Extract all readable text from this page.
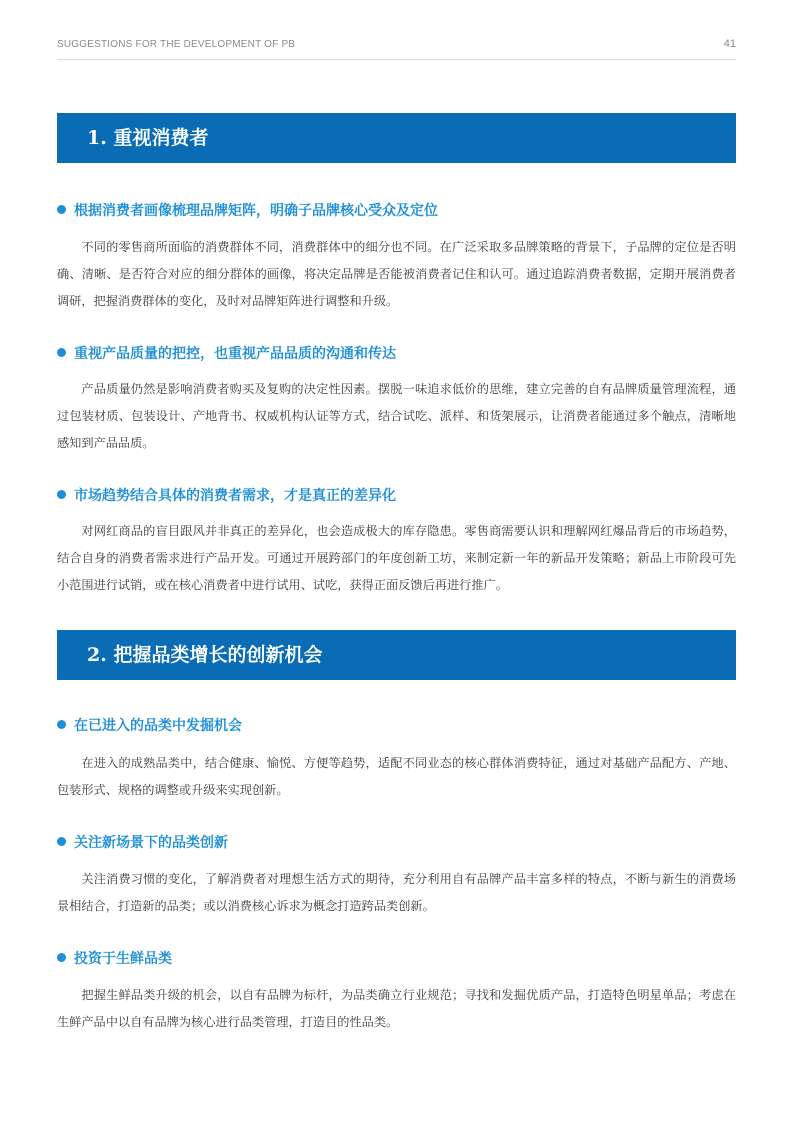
SUGGESTIONS FOR THE DEVELOPMENT OF PB	41
1. 重视消费者
根据消费者画像梳理品牌矩阵，明确子品牌核心受众及定位

不同的零售商所面临的消费群体不同，消费群体中的细分也不同。在广泛采取多品牌策略的背景下，子品牌的定位是否明确、清晰、是否符合对应的细分群体的画像，将决定品牌是否能被消费者记住和认可。通过追踪消费者数据，定期开展消费者调研，把握消费群体的变化，及时对品牌矩阵进行调整和升级。

重视产品质量的把控，也重视产品品质的沟通和传达

产品质量仍然是影响消费者购买及复购的决定性因素。摆脱一味追求低价的思维，建立完善的自有品牌质量管理流程，通过包装材质、包装设计、产地背书、权威机构认证等方式，结合试吃、派样、和货架展示，让消费者能通过多个触点，清晰地感知到产品品质。

市场趋势结合具体的消费者需求，才是真正的差异化

对网红商品的盲目跟风并非真正的差异化，也会造成极大的库存隐患。零售商需要认识和理解网红爆品背后的市场趋势，结合自身的消费者需求进行产品开发。可通过开展跨部门的年度创新工坊，来制定新一年的新品开发策略；新品上市阶段可先小范围进行试销，或在核心消费者中进行试用、试吃，获得正面反馈后再进行推广。

2. 把握品类增长的创新机会
在已进入的品类中发掘机会

在进入的成熟品类中，结合健康、愉悦、方便等趋势，适配不同业态的核心群体消费特征，通过对基础产品配方、产地、包装形式、规格的调整或升级来实现创新。

关注新场景下的品类创新

关注消费习惯的变化，了解消费者对理想生活方式的期待，充分利用自有品牌产品丰富多样的特点，不断与新生的消费场景相结合，打造新的品类；或以消费核心诉求为概念打造跨品类创新。

投资于生鲜品类

把握生鲜品类升级的机会，以自有品牌为标杆，为品类确立行业规范；寻找和发掘优质产品，打造特色明星单品；考虑在生鲜产品中以自有品牌为核心进行品类管理，打造目的性品类。
